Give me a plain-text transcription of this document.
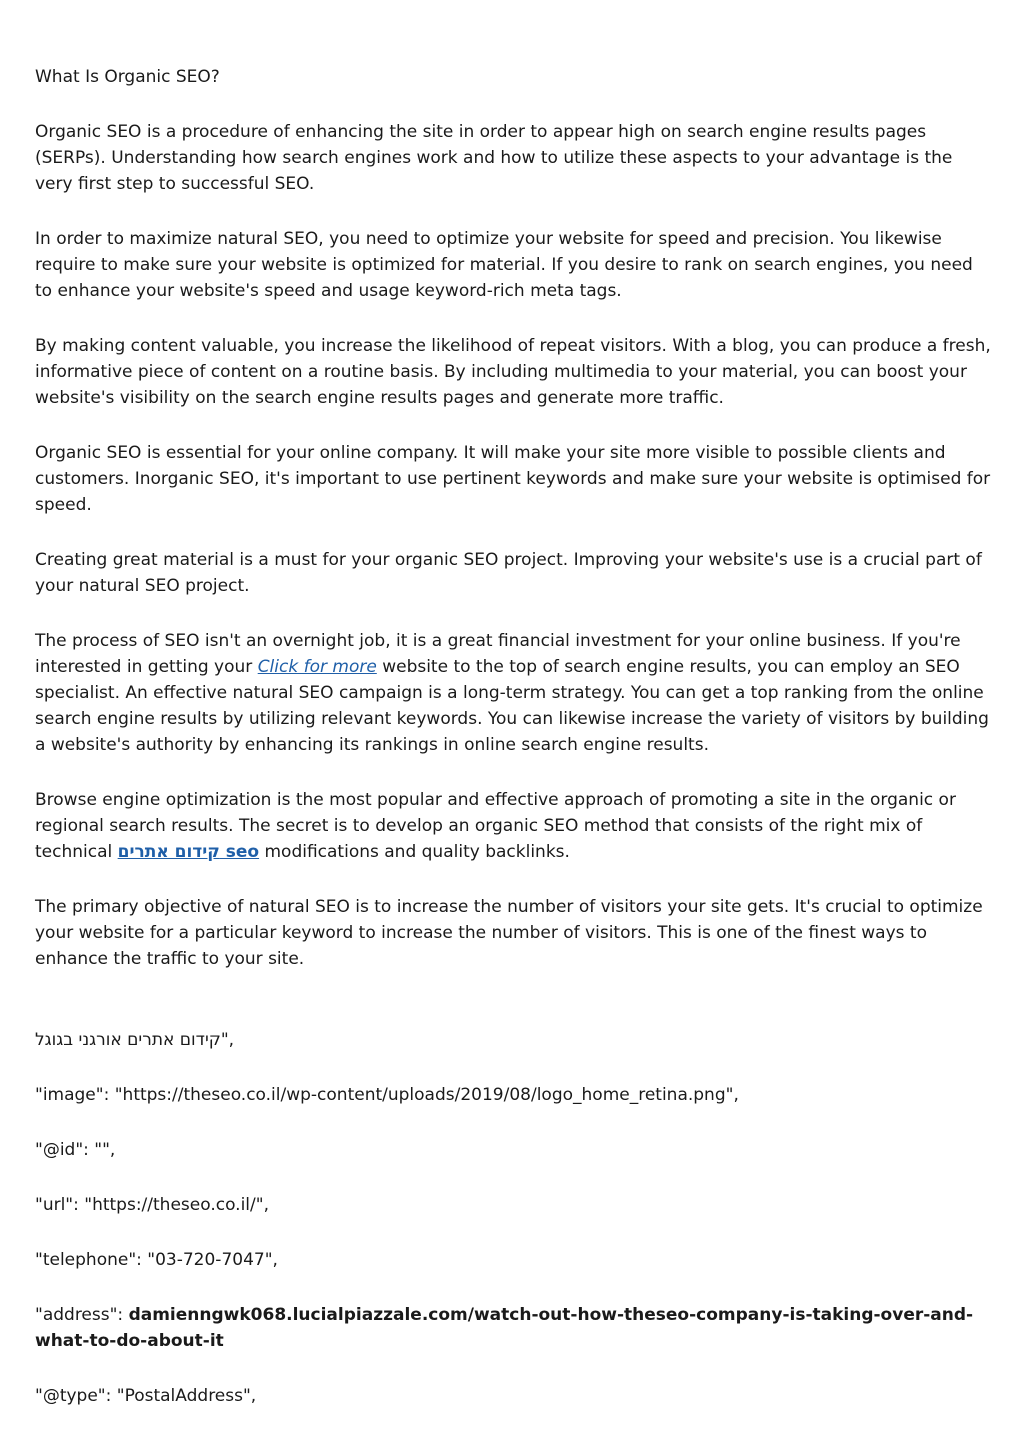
What Is Organic SEO?

Organic SEO is a procedure of enhancing the site in order to appear high on search engine results pages (SERPs). Understanding how search engines work and how to utilize these aspects to your advantage is the very first step to successful SEO.

In order to maximize natural SEO, you need to optimize your website for speed and precision. You likewise require to make sure your website is optimized for material. If you desire to rank on search engines, you need to enhance your website's speed and usage keyword-rich meta tags.

By making content valuable, you increase the likelihood of repeat visitors. With a blog, you can produce a fresh, informative piece of content on a routine basis. By including multimedia to your material, you can boost your website's visibility on the search engine results pages and generate more traffic.

Organic SEO is essential for your online company. It will make your site more visible to possible clients and customers. Inorganic SEO, it's important to use pertinent keywords and make sure your website is optimised for speed.

Creating great material is a must for your organic SEO project. Improving your website's use is a crucial part of your natural SEO project.

The process of SEO isn't an overnight job, it is a great financial investment for your online business. If you're interested in getting your Click for more website to the top of search engine results, you can employ an SEO specialist. An effective natural SEO campaign is a long-term strategy. You can get a top ranking from the online search engine results by utilizing relevant keywords. You can likewise increase the variety of visitors by building a website's authority by enhancing its rankings in online search engine results.

Browse engine optimization is the most popular and effective approach of promoting a site in the organic or regional search results. The secret is to develop an organic SEO method that consists of the right mix of technical קידום אתרים seo modifications and quality backlinks.

The primary objective of natural SEO is to increase the number of visitors your site gets. It's crucial to optimize your website for a particular keyword to increase the number of visitors. This is one of the finest ways to enhance the traffic to your site.

קידום אתרים אורגני בגוגל",

"image": "https://theseo.co.il/wp-content/uploads/2019/08/logo_home_retina.png",

"@id": "",

"url": "https://theseo.co.il/",

"telephone": "03-720-7047",

"address": damienngwk068.lucialpiazzale.com/watch-out-how-theseo-company-is-taking-over-and-what-to-do-about-it

"@type": "PostalAddress",
